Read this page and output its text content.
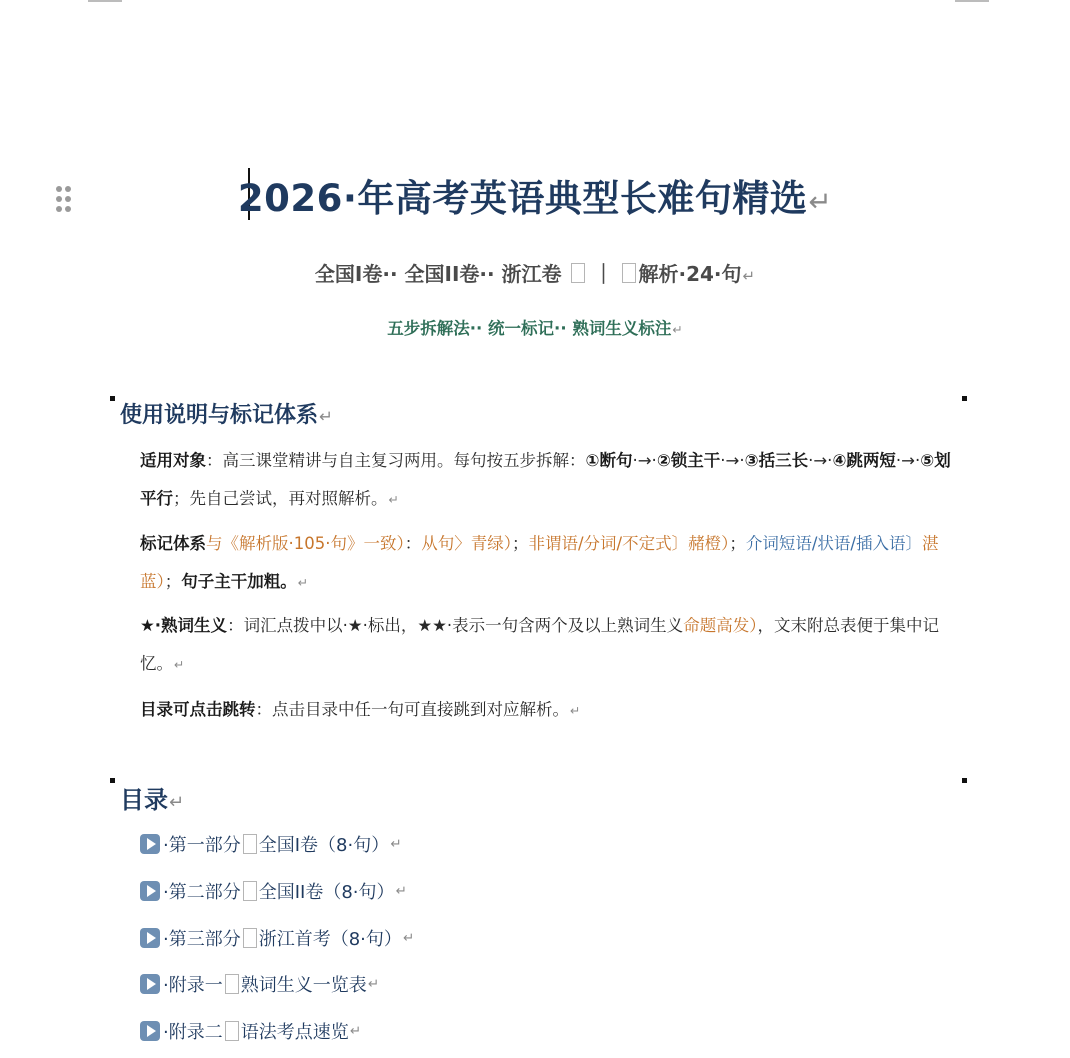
2026·年高考英语典型长难句精选↵
全国I卷·· 全国II卷·· 浙江卷 ｜ 解析·24·句↵
五步拆解法·· 统一标记·· 熟词生义标注↵
使用说明与标记体系↵
适用对象：高三课堂精讲与自主复习两用。每句按五步拆解：①断句·→·②锁主干·→·③括三长·→·④跳两短·→·⑤划平行；先自己尝试，再对照解析。↵
标记体系与《解析版·105·句》一致）：从句〉青绿）；非谓语/分词/不定式〕赭橙）；介词短语/状语/插入语〕湛蓝）；句子主干加粗。↵
★·熟词生义：词汇点拨中以·★·标出，★★·表示一句含两个及以上熟词生义命题高发），文末附总表便于集中记忆。↵
目录可点击跳转：点击目录中任一句可直接跳到对应解析。↵
目录↵
·第一部分 全国I卷（8·句） ↵
·第二部分 全国II卷（8·句） ↵
·第三部分 浙江首考（8·句） ↵
·附录一 熟词生义一览表 ↵
·附录二 语法考点速览 ↵
